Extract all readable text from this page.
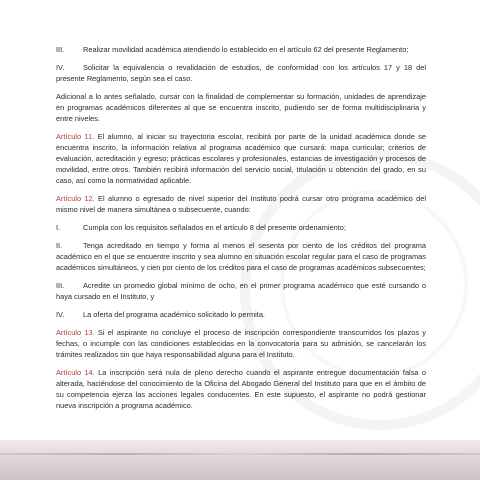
III.	Realizar movilidad académica atendiendo lo establecido en el artículo 62 del presente Reglamento;

IV.	Solicitar la equivalencia o revalidación de estudios, de conformidad con los artículos 17 y 18 del presente Reglamento, según sea el caso.

Adicional a lo antes señalado, cursar con la finalidad de complementar su formación, unidades de aprendizaje en programas académicos diferentes al que se encuentra inscrito, pudiendo ser de forma multidisciplinaria y entre niveles.

Artículo 11. El alumno, al iniciar su trayectoria escolar, recibirá por parte de la unidad académica donde se encuentra inscrito, la información relativa al programa académico que cursará: mapa curricular; criterios de evaluación, acreditación y egreso; prácticas escolares y profesionales, estancias de investigación y procesos de movilidad, entre otros. También recibirá información del servicio social, titulación u obtención del grado, en su caso, así como la normatividad aplicable.

Artículo 12. El alumno o egresado de nivel superior del Instituto podrá cursar otro programa académico del mismo nivel de manera simultánea o subsecuente, cuando:

I.	Cumpla con los requisitos señalados en el artículo 8 del presente ordenamiento;

II.	Tenga acreditado en tiempo y forma al menos el sesenta por ciento de los créditos del programa académico en el que se encuentre inscrito y sea alumno en situación escolar regular para el caso de programas académicos simultáneos, y cien por ciento de los créditos para el caso de programas académicos subsecuentes;

III.	Acredite un promedio global mínimo de ocho, en el primer programa académico que esté cursando o haya cursado en el Instituto, y

IV.	La oferta del programa académico solicitado lo permita.

Artículo 13. Si el aspirante no concluye el proceso de inscripción correspondiente transcurridos los plazos y fechas, o incumple con las condiciones establecidas en la convocatoria para su admisión, se cancelarán los trámites realizados sin que haya responsabilidad alguna para el Instituto.

Artículo 14. La inscripción será nula de pleno derecho cuando el aspirante entregue documentación falsa o alterada, haciéndose del conocimiento de la Oficina del Abogado General del Instituto para que en el ámbito de su competencia ejerza las acciones legales conducentes. En este supuesto, el aspirante no podrá gestionar nueva inscripción a programa académico.
